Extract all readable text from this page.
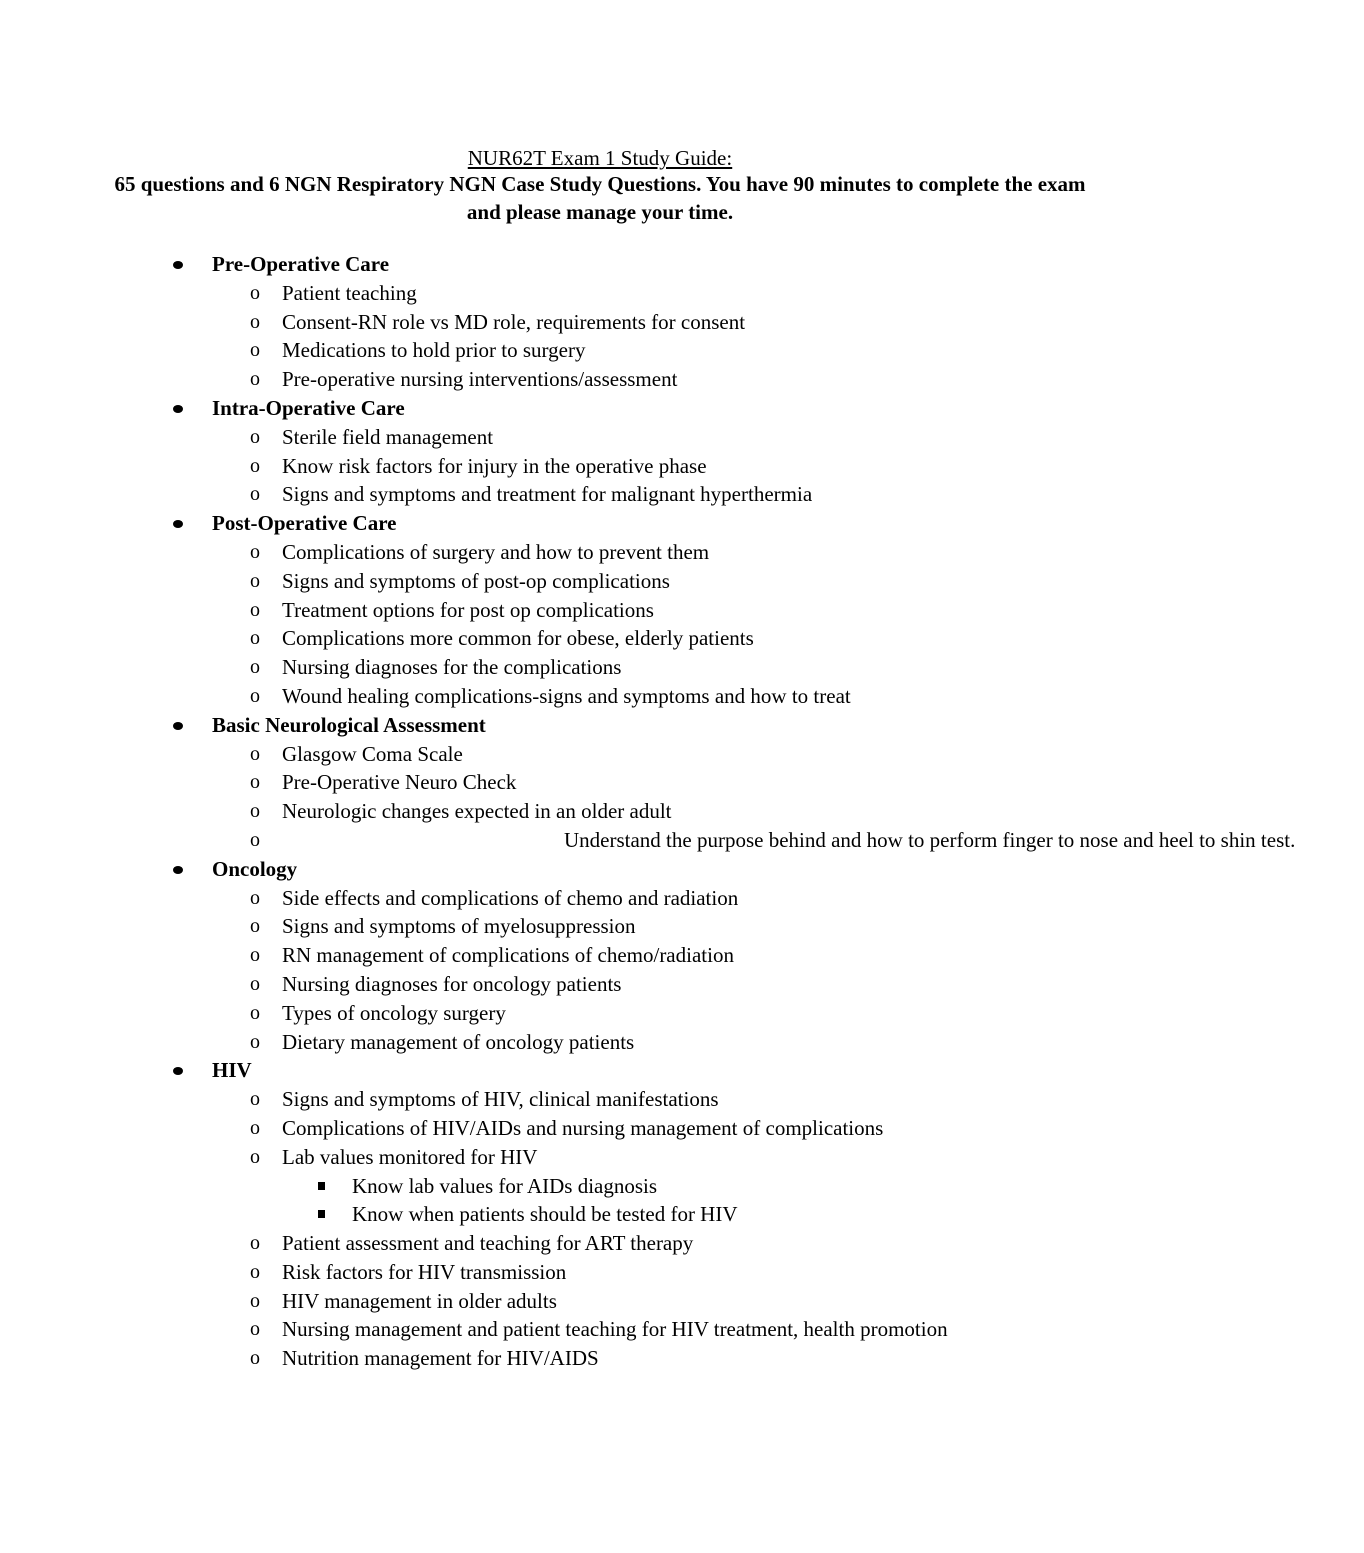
NUR62T Exam 1 Study Guide:
65 questions and 6 NGN Respiratory NGN Case Study Questions. You have 90 minutes to complete the exam and please manage your time.
Pre-Operative Care
o Patient teaching
o Consent-RN role vs MD role, requirements for consent
o Medications to hold prior to surgery
o Pre-operative nursing interventions/assessment
Intra-Operative Care
o Sterile field management
o Know risk factors for injury in the operative phase
o Signs and symptoms and treatment for malignant hyperthermia
Post-Operative Care
o Complications of surgery and how to prevent them
o Signs and symptoms of post-op complications
o Treatment options for post op complications
o Complications more common for obese, elderly patients
o Nursing diagnoses for the complications
o Wound healing complications-signs and symptoms and how to treat
Basic Neurological Assessment
o Glasgow Coma Scale
o Pre-Operative Neuro Check
o Neurologic changes expected in an older adult
o	Understand the purpose behind and how to perform finger to nose and heel to shin test.
Oncology
o Side effects and complications of chemo and radiation
o Signs and symptoms of myelosuppression
o RN management of complications of chemo/radiation
o Nursing diagnoses for oncology patients
o Types of oncology surgery
o Dietary management of oncology patients
HIV
o Signs and symptoms of HIV, clinical manifestations
o Complications of HIV/AIDs and nursing management of complications
o Lab values monitored for HIV
Know lab values for AIDs diagnosis
Know when patients should be tested for HIV
o Patient assessment and teaching for ART therapy
o Risk factors for HIV transmission
o HIV management in older adults
o Nursing management and patient teaching for HIV treatment, health promotion
o Nutrition management for HIV/AIDS
